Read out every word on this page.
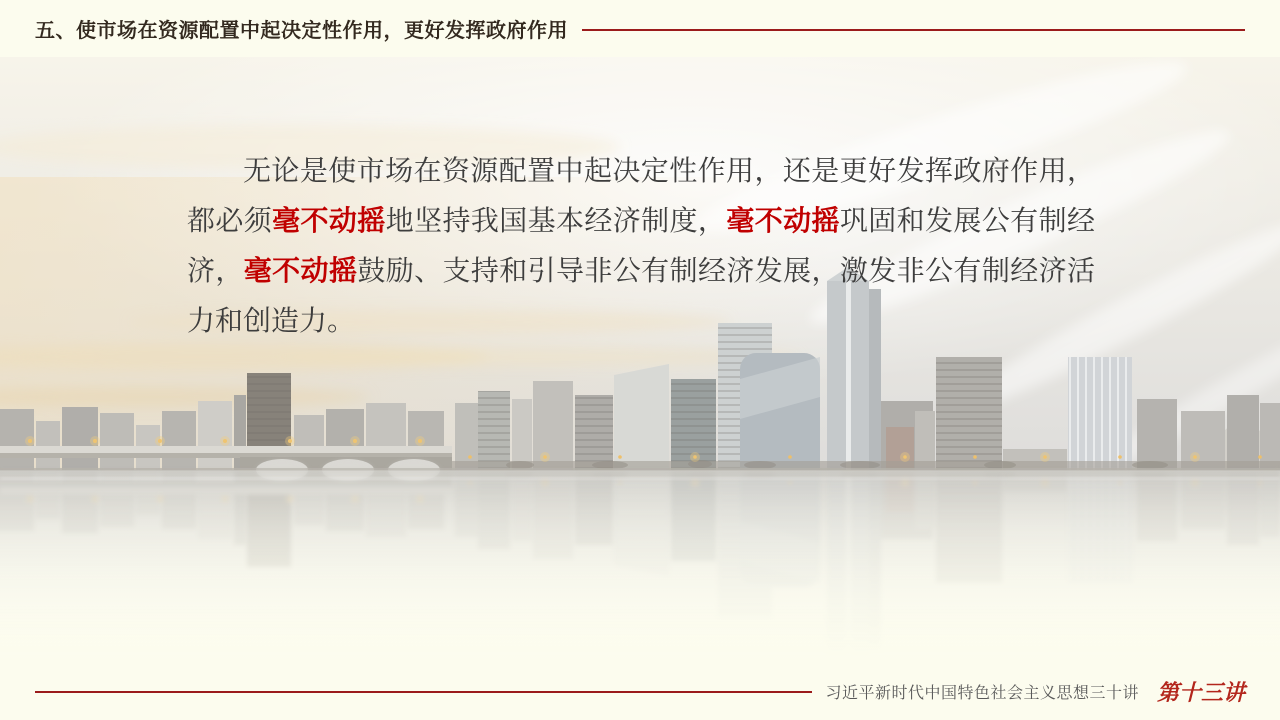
五、使市场在资源配置中起决定性作用，更好发挥政府作用

无论是使市场在资源配置中起决定性作用，还是更好发挥政府作用，都必须毫不动摇地坚持我国基本经济制度，毫不动摇巩固和发展公有制经济，毫不动摇鼓励、支持和引导非公有制经济发展，激发非公有制经济活力和创造力。

习近平新时代中国特色社会主义思想三十讲 第十三讲
